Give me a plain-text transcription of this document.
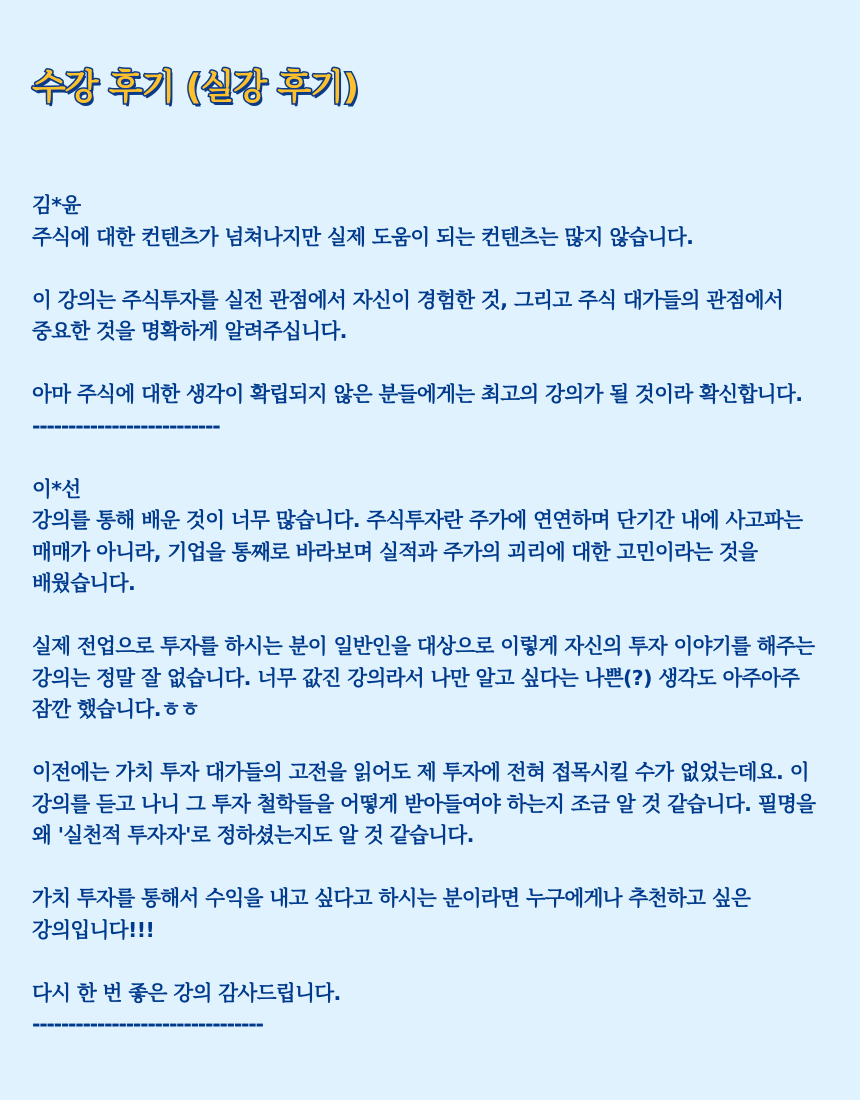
수강 후기 (실강 후기)
김*윤

주식에 대한 컨텐츠가 넘쳐나지만 실제 도움이 되는 컨텐츠는 많지 않습니다.

이 강의는 주식투자를 실전 관점에서 자신이 경험한 것, 그리고 주식 대가들의 관점에서 중요한 것을 명확하게 알려주십니다.

아마 주식에 대한 생각이 확립되지 않은 분들에게는 최고의 강의가 될 것이라 확신합니다.

--------------------------
이*선

강의를 통해 배운 것이 너무 많습니다. 주식투자란 주가에 연연하며 단기간 내에 사고파는 매매가 아니라, 기업을 통째로 바라보며 실적과 주가의 괴리에 대한 고민이라는 것을 배웠습니다.

실제 전업으로 투자를 하시는 분이 일반인을 대상으로 이렇게 자신의 투자 이야기를 해주는 강의는 정말 잘 없습니다. 너무 값진 강의라서 나만 알고 싶다는 나쁜(?) 생각도 아주아주 잠깐 했습니다.ㅎㅎ

이전에는 가치 투자 대가들의 고전을 읽어도 제 투자에 전혀 접목시킬 수가 없었는데요. 이 강의를 듣고 나니 그 투자 철학들을 어떻게 받아들여야 하는지 조금 알 것 같습니다. 필명을 왜 '실천적 투자자'로 정하셨는지도 알 것 같습니다.

가치 투자를 통해서 수익을 내고 싶다고 하시는 분이라면 누구에게나 추천하고 싶은 강의입니다!!!

다시 한 번 좋은 강의 감사드립니다.

--------------------------------
